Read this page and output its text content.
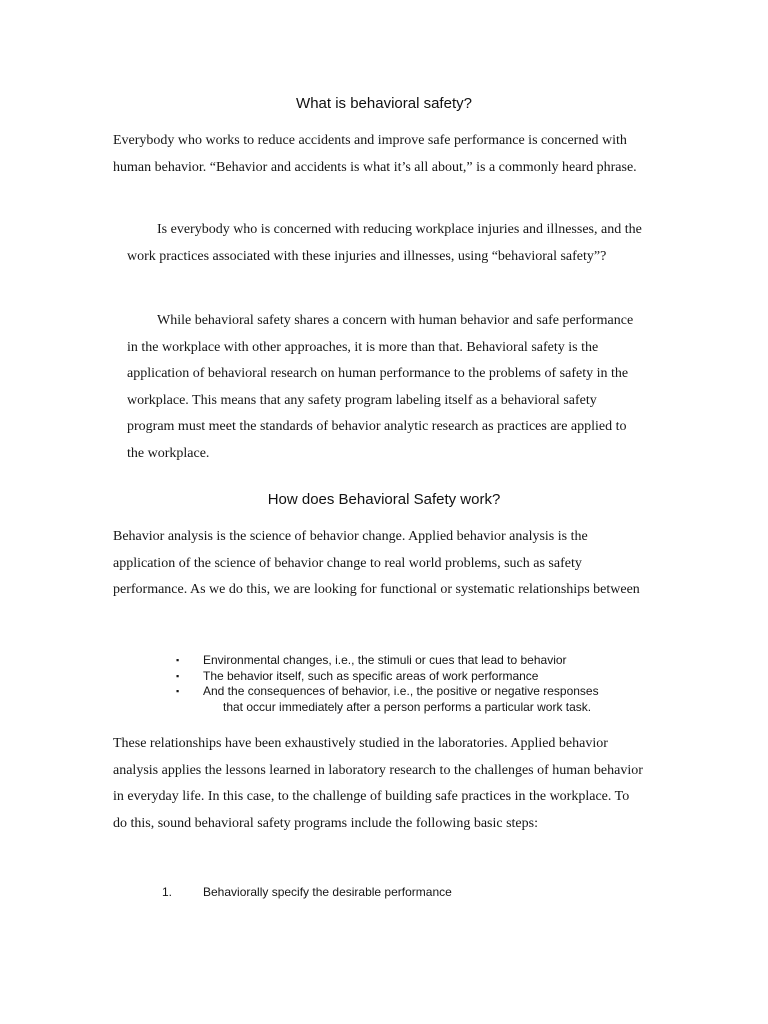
What is behavioral safety?

Everybody who works to reduce accidents and improve safe performance is concerned with human behavior. “Behavior and accidents is what it’s all about,” is a commonly heard phrase.

Is everybody who is concerned with reducing workplace injuries and illnesses, and the work practices associated with these injuries and illnesses, using “behavioral safety”?

While behavioral safety shares a concern with human behavior and safe performance in the workplace with other approaches, it is more than that. Behavioral safety is the application of behavioral research on human performance to the problems of safety in the workplace. This means that any safety program labeling itself as a behavioral safety program must meet the standards of behavior analytic research as practices are applied to the workplace.

How does Behavioral Safety work?

Behavior analysis is the science of behavior change. Applied behavior analysis is the application of the science of behavior change to real world problems, such as safety performance. As we do this, we are looking for functional or systematic relationships between

▪ Environmental changes, i.e., the stimuli or cues that lead to behavior
▪ The behavior itself, such as specific areas of work performance
▪ And the consequences of behavior, i.e., the positive or negative responses
that occur immediately after a person performs a particular work task.

These relationships have been exhaustively studied in the laboratories. Applied behavior analysis applies the lessons learned in laboratory research to the challenges of human behavior in everyday life. In this case, to the challenge of building safe practices in the workplace. To do this, sound behavioral safety programs include the following basic steps:

1.	Behaviorally specify the desirable performance
